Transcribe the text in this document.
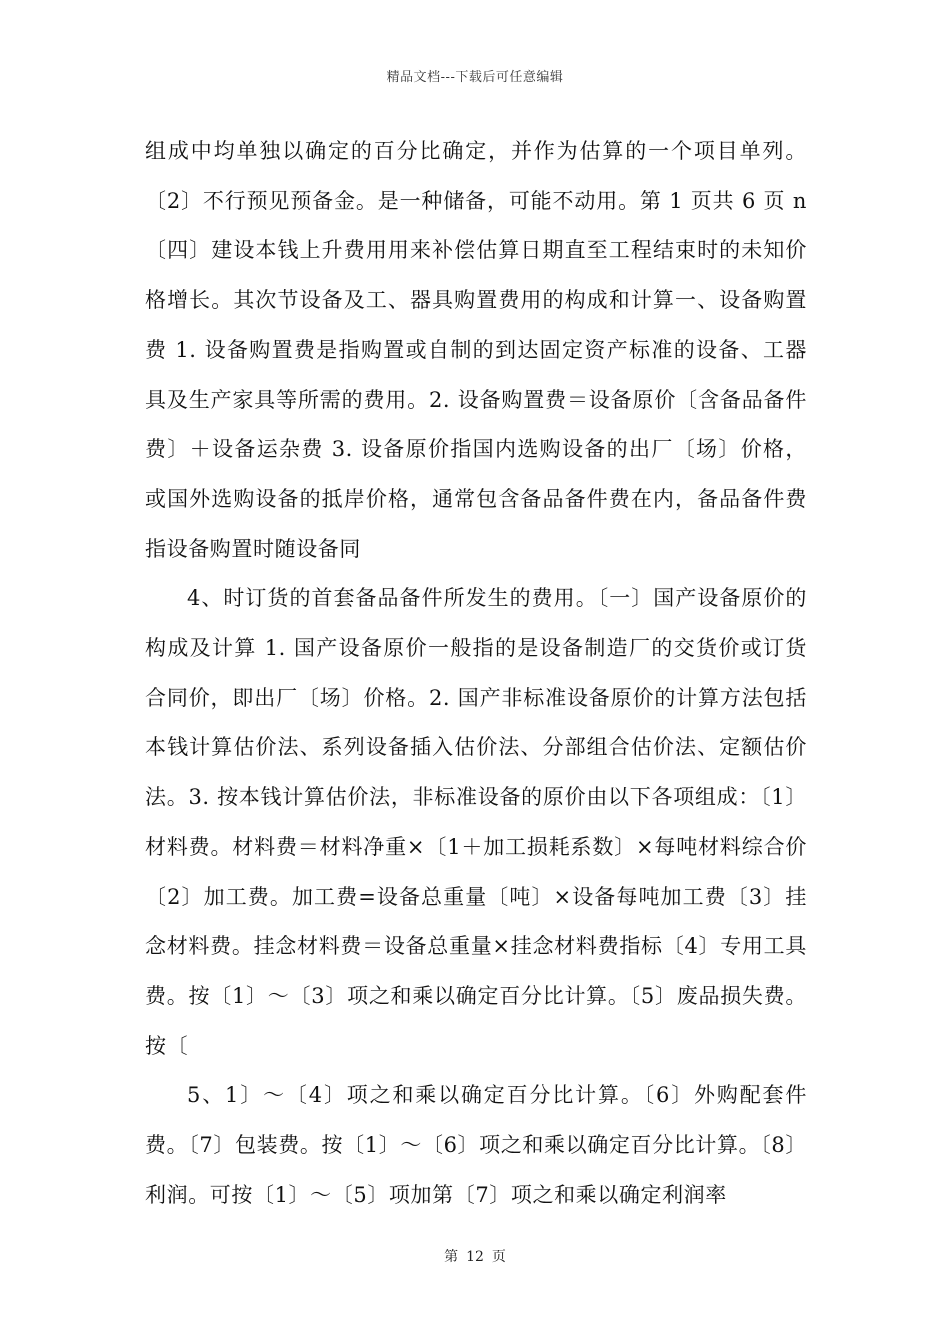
精品文档---下载后可任意编辑

组成中均单独以确定的百分比确定，并作为估算的一个项目单列。〔2〕不行预见预备金。是一种储备，可能不动用。第 1 页共 6 页 n〔四〕建设本钱上升费用用来补偿估算日期直至工程结束时的未知价格增长。其次节设备及工、器具购置费用的构成和计算一、设备购置费 1. 设备购置费是指购置或自制的到达固定资产标准的设备、工器具及生产家具等所需的费用。2. 设备购置费＝设备原价〔含备品备件费〕＋设备运杂费 3. 设备原价指国内选购设备的出厂〔场〕价格，或国外选购设备的抵岸价格，通常包含备品备件费在内，备品备件费指设备购置时随设备同

4、时订货的首套备品备件所发生的费用。〔一〕国产设备原价的构成及计算 1. 国产设备原价一般指的是设备制造厂的交货价或订货合同价，即出厂〔场〕价格。2. 国产非标准设备原价的计算方法包括本钱计算估价法、系列设备插入估价法、分部组合估价法、定额估价法。3. 按本钱计算估价法，非标准设备的原价由以下各项组成：〔1〕材料费。材料费＝材料净重×〔1＋加工损耗系数〕×每吨材料综合价〔2〕加工费。加工费=设备总重量〔吨〕×设备每吨加工费〔3〕挂念材料费。挂念材料费＝设备总重量×挂念材料费指标〔4〕专用工具费。按〔1〕～〔3〕项之和乘以确定百分比计算。〔5〕废品损失费。按〔

5、1〕～〔4〕项之和乘以确定百分比计算。〔6〕外购配套件费。〔7〕包装费。按〔1〕～〔6〕项之和乘以确定百分比计算。〔8〕利润。可按〔1〕～〔5〕项加第〔7〕项之和乘以确定利润率

第 12 页
